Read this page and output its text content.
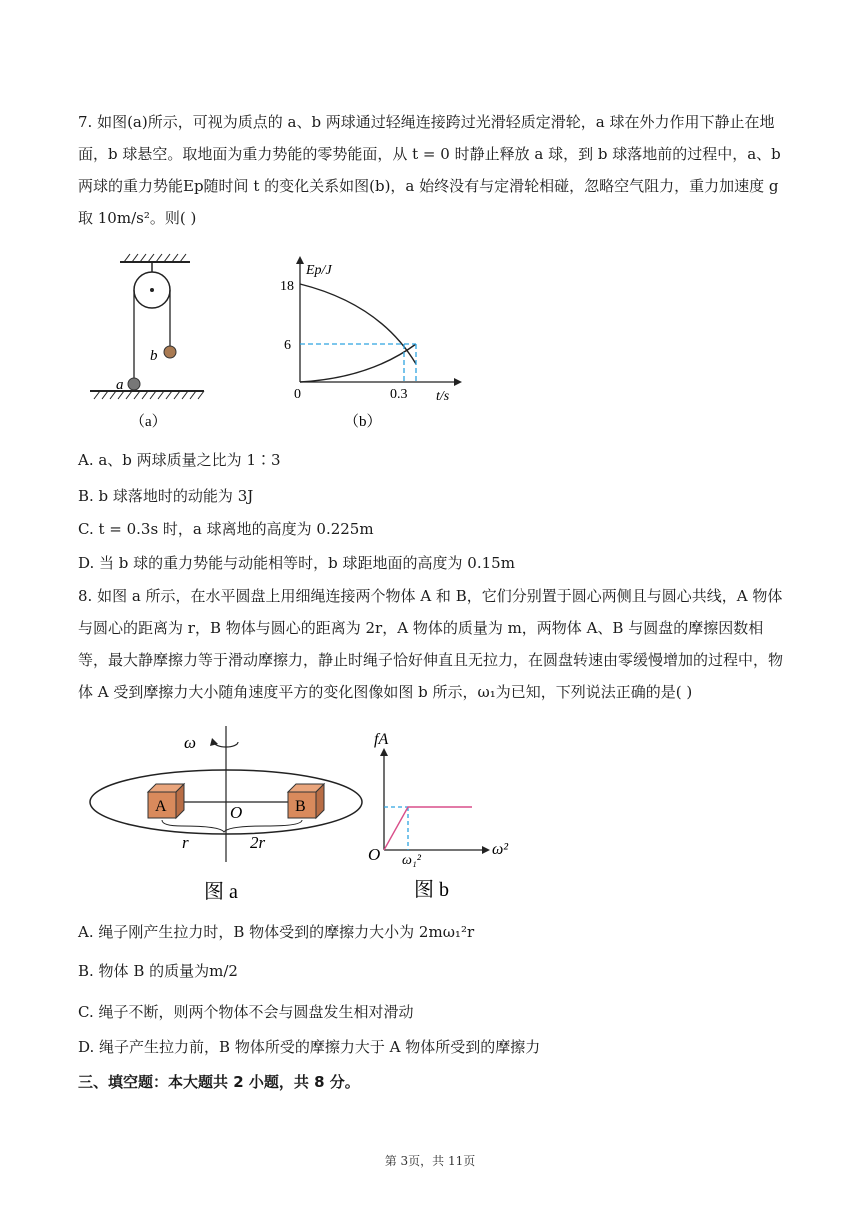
7. 如图(a)所示，可视为质点的 a、b 两球通过轻绳连接跨过光滑轻质定滑轮，a 球在外力作用下静止在地面，b 球悬空。取地面为重力势能的零势能面，从 t = 0 时静止释放 a 球，到 b 球落地前的过程中，a、b 两球的重力势能Ep随时间 t 的变化关系如图(b)，a 始终没有与定滑轮相碰，忽略空气阻力，重力加速度 g 取 10m/s²。则( )

b
a
（a）
Ep/J
18
6
0	0.3 t/s
（b）
A. a、b 两球质量之比为 1∶3
B. b 球落地时的动能为 3J
C. t = 0.3s 时，a 球离地的高度为 0.225m
D. 当 b 球的重力势能与动能相等时，b 球距地面的高度为 0.15m

8. 如图 a 所示，在水平圆盘上用细绳连接两个物体 A 和 B，它们分别置于圆心两侧且与圆心共线，A 物体与圆心的距离为 r，B 物体与圆心的距离为 2r，A 物体的质量为 m，两物体 A、B 与圆盘的摩擦因数相等，最大静摩擦力等于滑动摩擦力，静止时绳子恰好伸直且无拉力，在圆盘转速由零缓慢增加的过程中，物体 A 受到摩擦力大小随角速度平方的变化图像如图 b 所示，ω₁为已知，下列说法正确的是( )

ω
A	B
O
r	2r
图 a
fA
ω²
O ω₁²
图 b
A. 绳子刚产生拉力时，B 物体受到的摩擦力大小为 2mω₁²r
B. 物体 B 的质量为m/2
C. 绳子不断，则两个物体不会与圆盘发生相对滑动
D. 绳子产生拉力前，B 物体所受的摩擦力大于 A 物体所受到的摩擦力
三、填空题：本大题共 2 小题，共 8 分。
第 3页，共 11页
